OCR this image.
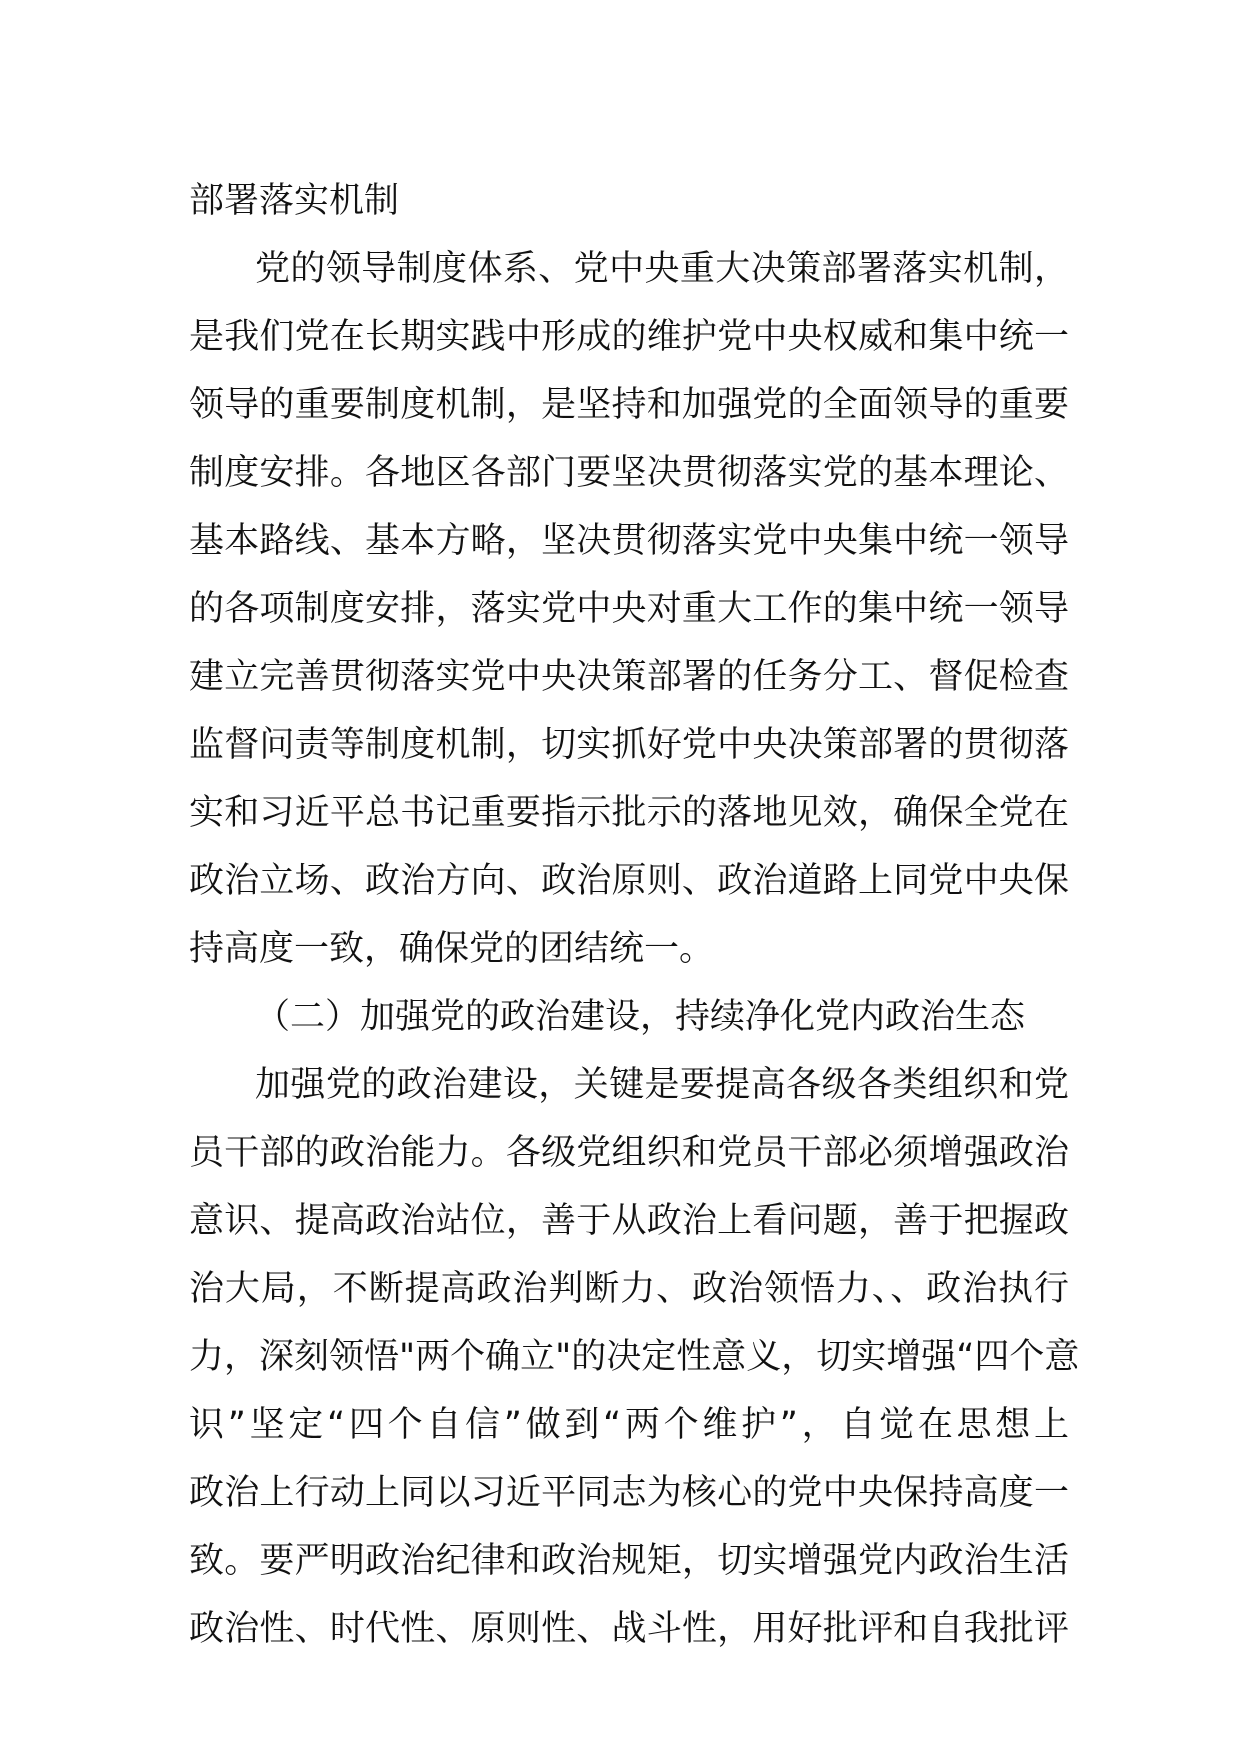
部署落实机制
党的领导制度体系、党中央重大决策部署落实机制，
是我们党在长期实践中形成的维护党中央权威和集中统一
领导的重要制度机制，是坚持和加强党的全面领导的重要
制度安排。各地区各部门要坚决贯彻落实党的基本理论、
基本路线、基本方略，坚决贯彻落实党中央集中统一领导
的各项制度安排，落实党中央对重大工作的集中统一领导
建立完善贯彻落实党中央决策部署的任务分工、督促检查
监督问责等制度机制，切实抓好党中央决策部署的贯彻落
实和习近平总书记重要指示批示的落地见效，确保全党在
政治立场、政治方向、政治原则、政治道路上同党中央保
持高度一致，确保党的团结统一。
（二）加强党的政治建设，持续净化党内政治生态
加强党的政治建设，关键是要提高各级各类组织和党
员干部的政治能力。各级党组织和党员干部必须增强政治
意识、提高政治站位，善于从政治上看问题，善于把握政
治大局，不断提高政治判断力、政治领悟力、、政治执行
力，深刻领悟"两个确立"的决定性意义，切实增强“四个意
识”坚定“四个自信”做到“两个维护”，自觉在思想上
政治上行动上同以习近平同志为核心的党中央保持高度一
致。要严明政治纪律和政治规矩，切实增强党内政治生活
政治性、时代性、原则性、战斗性，用好批评和自我批评
